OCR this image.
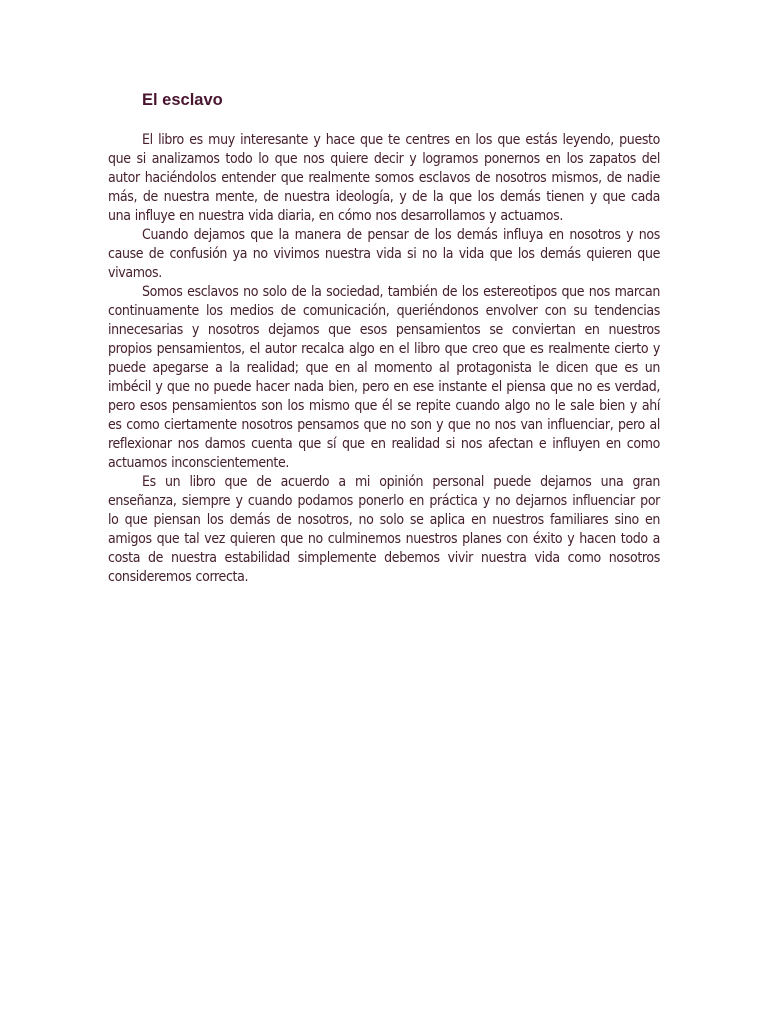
El esclavo

El libro es muy interesante y hace que te centres en los que estás leyendo, puesto que si analizamos todo lo que nos quiere decir y logramos ponernos en los zapatos del autor haciéndolos entender que realmente somos esclavos de nosotros mismos, de nadie más, de nuestra mente, de nuestra ideología, y de la que los demás tienen y que cada una influye en nuestra vida diaria, en cómo nos desarrollamos y actuamos.

Cuando dejamos que la manera de pensar de los demás influya en nosotros y nos cause de confusión ya no vivimos nuestra vida si no la vida que los demás quieren que vivamos.

Somos esclavos no solo de la sociedad, también de los estereotipos que nos marcan continuamente los medios de comunicación, queriéndonos envolver con su tendencias innecesarias y nosotros dejamos que esos pensamientos se conviertan en nuestros propios pensamientos, el autor recalca algo en el libro que creo que es realmente cierto y puede apegarse a la realidad; que en al momento al protagonista le dicen que es un imbécil y que no puede hacer nada bien, pero en ese instante el piensa que no es verdad, pero esos pensamientos son los mismo que él se repite cuando algo no le sale bien y ahí es como ciertamente nosotros pensamos que no son y que no nos van influenciar, pero al reflexionar nos damos cuenta que sí que en realidad si nos afectan e influyen en como actuamos inconscientemente.

Es un libro que de acuerdo a mi opinión personal puede dejarnos una gran enseñanza, siempre y cuando podamos ponerlo en práctica y no dejarnos influenciar por lo que piensan los demás de nosotros, no solo se aplica en nuestros familiares sino en amigos que tal vez quieren que no culminemos nuestros planes con éxito y hacen todo a costa de nuestra estabilidad simplemente debemos vivir nuestra vida como nosotros consideremos correcta.
